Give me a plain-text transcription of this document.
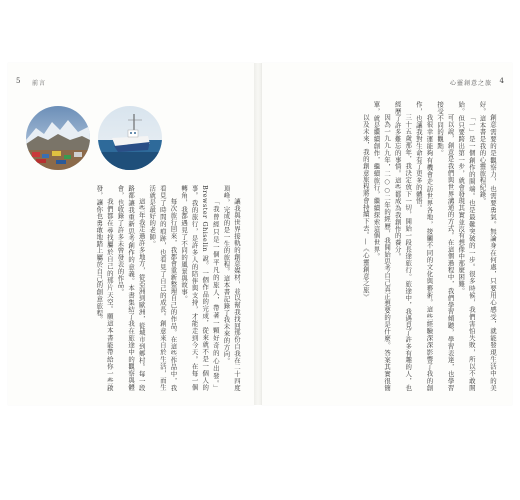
5 前言

讓我與世界接軌的創意媒材，並以幫我找回那份自我在二十四度頂峰，完成的是一生的旅程。這本書記錄了我未來的方向。

「我曾經只是一個平凡的旅人，帶著一顆好奇的心出發。」Brewster Ghiselin 說。一個作品的完成，從來就不是一個人的事。我的旅行，是許多人的陪伴與支持，才能走到今天。在每一個轉角，我都遇見了不同的風景與故事。

每次旅行回來，我都會重新整理自己的作品。在這些作品中，我看見了時間的痕跡，也看見了自己的成長。創意來自於生活，而生活就是最好的老師。

這些年我走過許多地方，從亞洲到歐洲，從城市到鄉村。每一段路都讓我重新思考創作的意義。本書集結了我在旅途中的觀察與體會，也收錄了許多未曾發表的作品。

我們都在尋找屬於自己的那片天空。願這本書能帶給你一些啟發，讓你也勇敢地踏上屬於自己的創意旅程。

心靈創意之旅 4

創意需要的是觀察力，也需要勇氣。無論身在何處，只要用心感受，就能發現生活中的美好。這本書是我的心靈旅程紀錄。

「一」是一個創作的開端。也是最難突破的一步。很多時候，我們害怕失敗，所以不敢開始。但只要跨出第一步，就會發現其實並沒有想像中那麼困難。

可以說，創意是我們與世界溝通的方式。在這個過程中，我們學習傾聽，學習表達，也學習接受不同的觀點。

我很幸運能夠有機會走訪世界各地，接觸不同的文化與藝術。這些經驗深深影響了我的創作，也讓我對生命有了更多的體悟。

三十五歲那年，我決定放下一切，開始一段長途旅行。旅途中，我遇見了許多有趣的人，也經歷了許多難忘的事情。這些都成為我創作的養分。

因為一九九九年，二○○二年的經歷，我開始思考自己真正想要的是什麼。答案其實很簡單，就是繼續創作，繼續旅行，繼續探索這個世界。

以及未來，我的創意旅程將會持續下去。—《心靈創意之旅》
